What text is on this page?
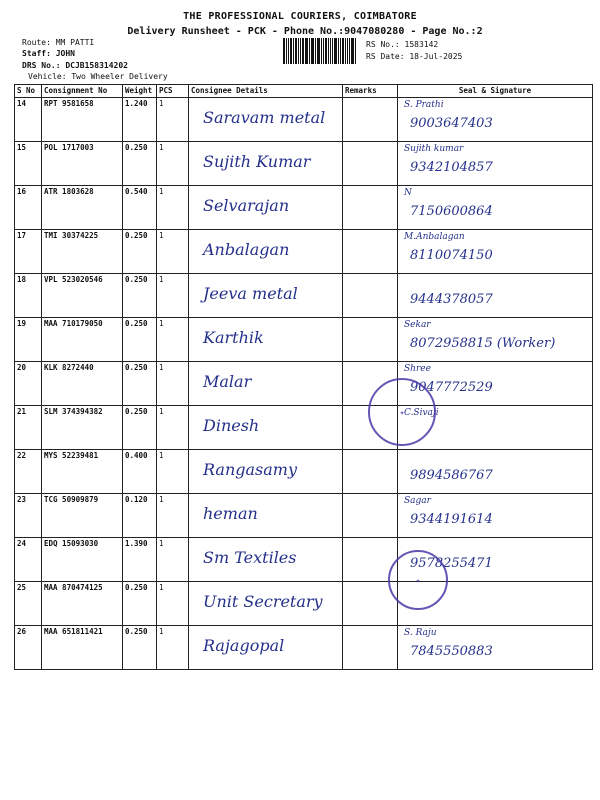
THE PROFESSIONAL COURIERS, COIMBATORE
Delivery Runsheet - PCK - Phone No.:9047080280 - Page No.:2
Route: MM PATTI
Staff: JOHN
DRS No.: DCJB158314202
Vehicle: Two Wheeler Delivery
RS No.: 1583142
RS Date: 18-Jul-2025
S No	Consignment No	Weight	PCS	Consignee Details	Remarks	Seal & Signature
14	RPT 9581658	1.240	1	Saravam metal		S. Prathi
9003647403

15	POL 1717003	0.250	1	Sujith Kumar		Sujith kumar
9342104857

16	ATR 1803628	0.540	1	Selvarajan		N
7150600864

17	TMI 30374225	0.250	1	Anbalagan		M.Anbalagan
8110074150

18	VPL 523020546	0.250	1	Jeeva metal		9444378057

19	MAA 710179050	0.250	1	Karthik		Sekar
8072958815 (Worker)

20	KLK 8272440	0.250	1	Malar		Shree
9047772529

21	SLM 374394382	0.250	1	Dinesh		C.Sivaji

22	MYS 52239481	0.400	1	Rangasamy		9894586767

23	TCG 50909879	0.120	1	heman		Sagar
9344191614

24	EDQ 15093030	1.390	1	Sm Textiles		9578255471

25	MAA 870474125	0.250	1	Unit Secretary		

26	MAA 651811421	0.250	1	Rajagopal		S. Raju
7845550883
✦
✦
